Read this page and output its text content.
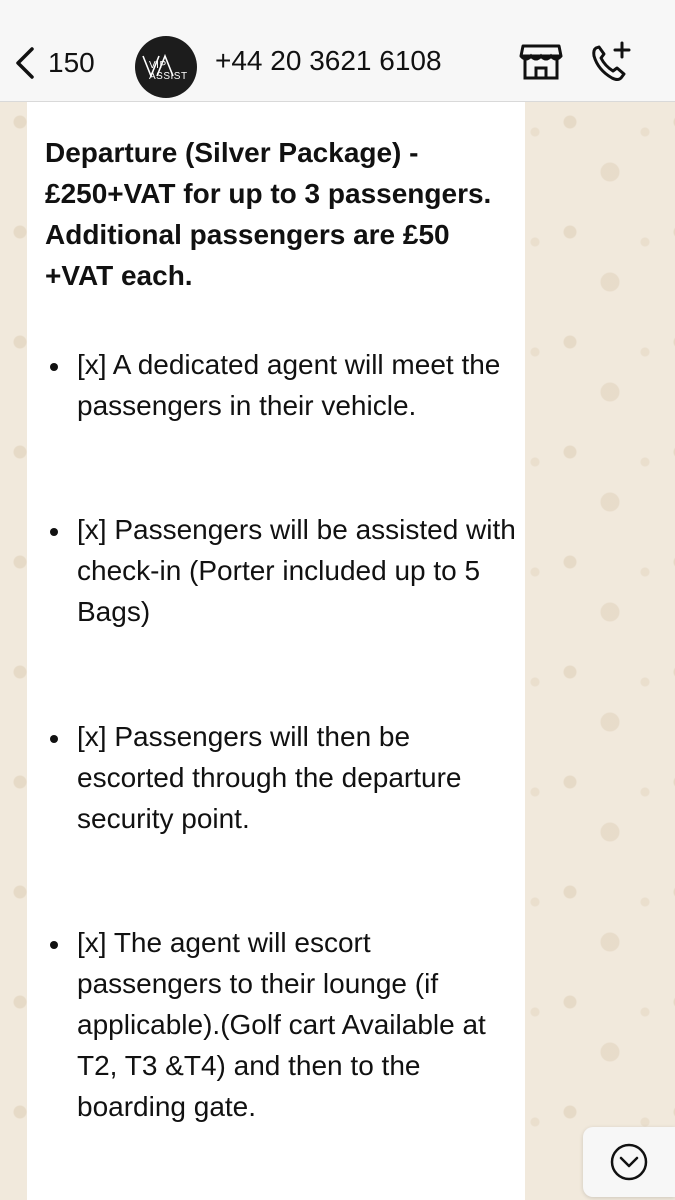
150	VIP ASSIST
+44 20 3621 6108
Departure (Silver Package) - £250+VAT for up to 3 passengers. Additional passengers are £50 +VAT each.
[x] A dedicated agent will meet the passengers in their vehicle.
[x] Passengers will be assisted with check-in (Porter included up to 5 Bags)
[x] Passengers will then be escorted through the departure security point.
[x] The agent will escort passengers to their lounge (if applicable).(Golf cart Available at T2, T3 &T4) and then to the boarding gate.
